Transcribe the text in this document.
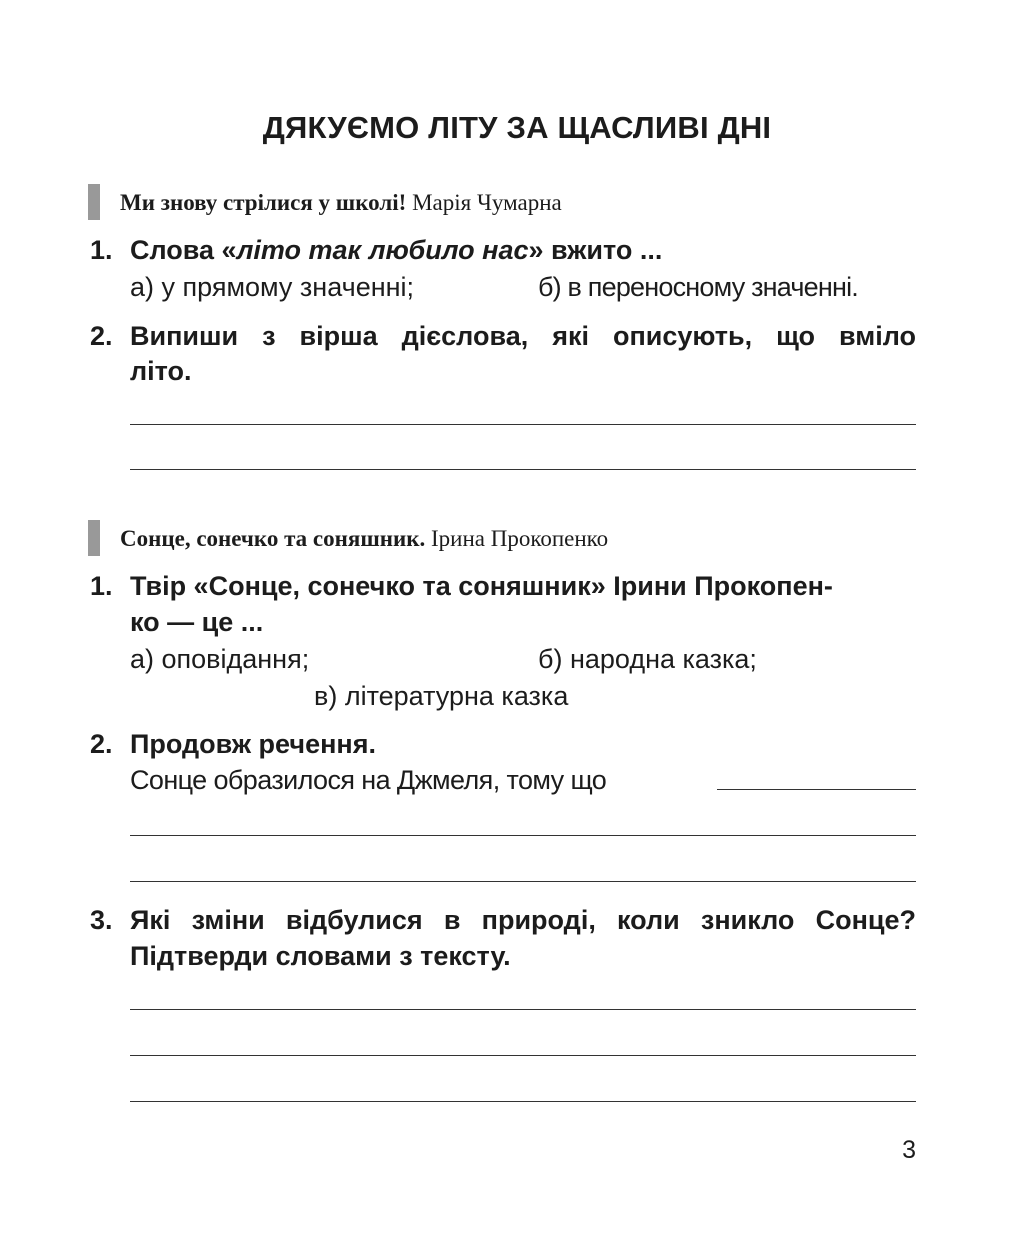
ДЯКУЄМО ЛІТУ ЗА ЩАСЛИВІ ДНІ
Ми знову стрілися у школі! Марія Чумарна
1. Слова «літо так любило нас» вжито ...
а) у прямому значенні;	б) в переносному значенні.
2. Випиши з вірша дієслова, які описують, що вміло
літо.
Сонце, сонечко та соняшник. Ірина Прокопенко
1. Твір «Сонце, сонечко та соняшник» Ірини Прокопен-
ко — це ...
а) оповідання;	б) народна казка;
в) літературна казка
2. Продовж речення.
Сонце образилося на Джмеля, тому що
3. Які зміни відбулися в природі, коли зникло Сонце?
Підтверди словами з тексту.
3
